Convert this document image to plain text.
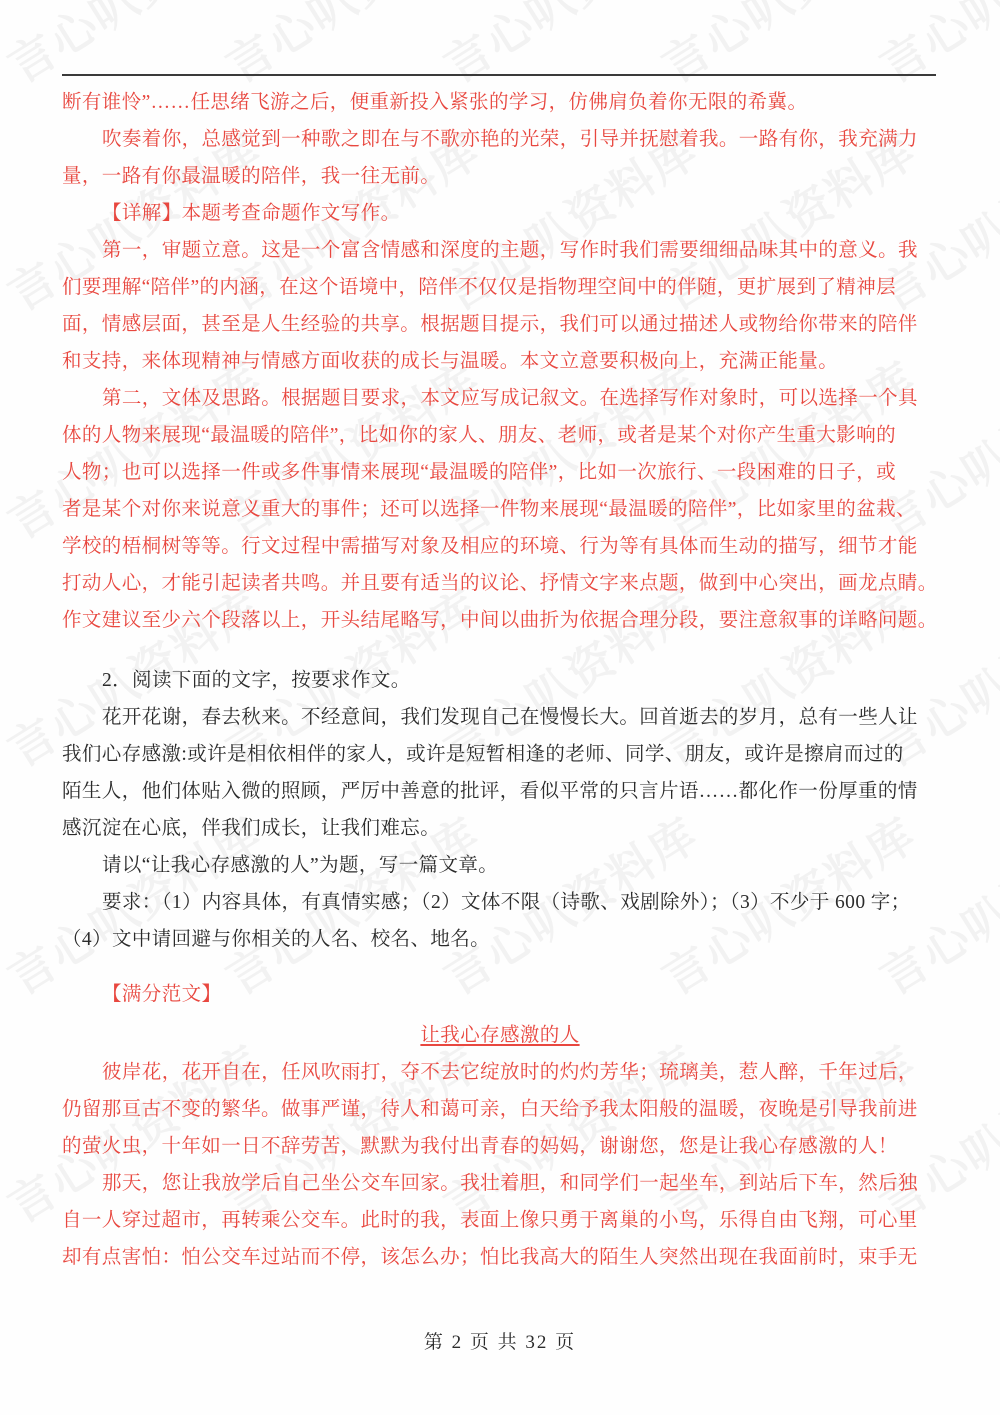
断有谁怜”……任思绪飞游之后，便重新投入紧张的学习，仿佛肩负着你无限的希冀。

吹奏着你，总感觉到一种歌之即在与不歌亦艳的光荣，引导并抚慰着我。一路有你，我充满力

量，一路有你最温暖的陪伴，我一往无前。

【详解】本题考查命题作文写作。

第一，审题立意。这是一个富含情感和深度的主题，写作时我们需要细细品味其中的意义。我

们要理解“陪伴”的内涵，在这个语境中，陪伴不仅仅是指物理空间中的伴随，更扩展到了精神层

面，情感层面，甚至是人生经验的共享。根据题目提示，我们可以通过描述人或物给你带来的陪伴

和支持，来体现精神与情感方面收获的成长与温暖。本文立意要积极向上，充满正能量。

第二，文体及思路。根据题目要求，本文应写成记叙文。在选择写作对象时，可以选择一个具

体的人物来展现“最温暖的陪伴”，比如你的家人、朋友、老师，或者是某个对你产生重大影响的

人物；也可以选择一件或多件事情来展现“最温暖的陪伴”，比如一次旅行、一段困难的日子，或

者是某个对你来说意义重大的事件；还可以选择一件物来展现“最温暖的陪伴”，比如家里的盆栽、

学校的梧桐树等等。行文过程中需描写对象及相应的环境、行为等有具体而生动的描写，细节才能

打动人心，才能引起读者共鸣。并且要有适当的议论、抒情文字来点题，做到中心突出，画龙点睛。

作文建议至少六个段落以上，开头结尾略写，中间以曲折为依据合理分段，要注意叙事的详略问题。

2．阅读下面的文字，按要求作文。

花开花谢，春去秋来。不经意间，我们发现自己在慢慢长大。回首逝去的岁月，总有一些人让

我们心存感激:或许是相依相伴的家人，或许是短暂相逢的老师、同学、朋友，或许是擦肩而过的

陌生人，他们体贴入微的照顾，严厉中善意的批评，看似平常的只言片语……都化作一份厚重的情

感沉淀在心底，伴我们成长，让我们难忘。

请以“让我心存感激的人”为题，写一篇文章。

要求：（1）内容具体，有真情实感；（2）文体不限（诗歌、戏剧除外）；（3）不少于 600 字；

（4）文中请回避与你相关的人名、校名、地名。

【满分范文】

让我心存感激的人

彼岸花，花开自在，任风吹雨打，夺不去它绽放时的灼灼芳华；琉璃美，惹人醉，千年过后，

仍留那亘古不变的繁华。做事严谨，待人和蔼可亲，白天给予我太阳般的温暖，夜晚是引导我前进

的萤火虫，十年如一日不辞劳苦，默默为我付出青春的妈妈，谢谢您，您是让我心存感激的人！

那天，您让我放学后自己坐公交车回家。我壮着胆，和同学们一起坐车，到站后下车，然后独

自一人穿过超市，再转乘公交车。此时的我，表面上像只勇于离巢的小鸟，乐得自由飞翔，可心里

却有点害怕：怕公交车过站而不停，该怎么办；怕比我高大的陌生人突然出现在我面前时，束手无

第 2 页 共 32 页
